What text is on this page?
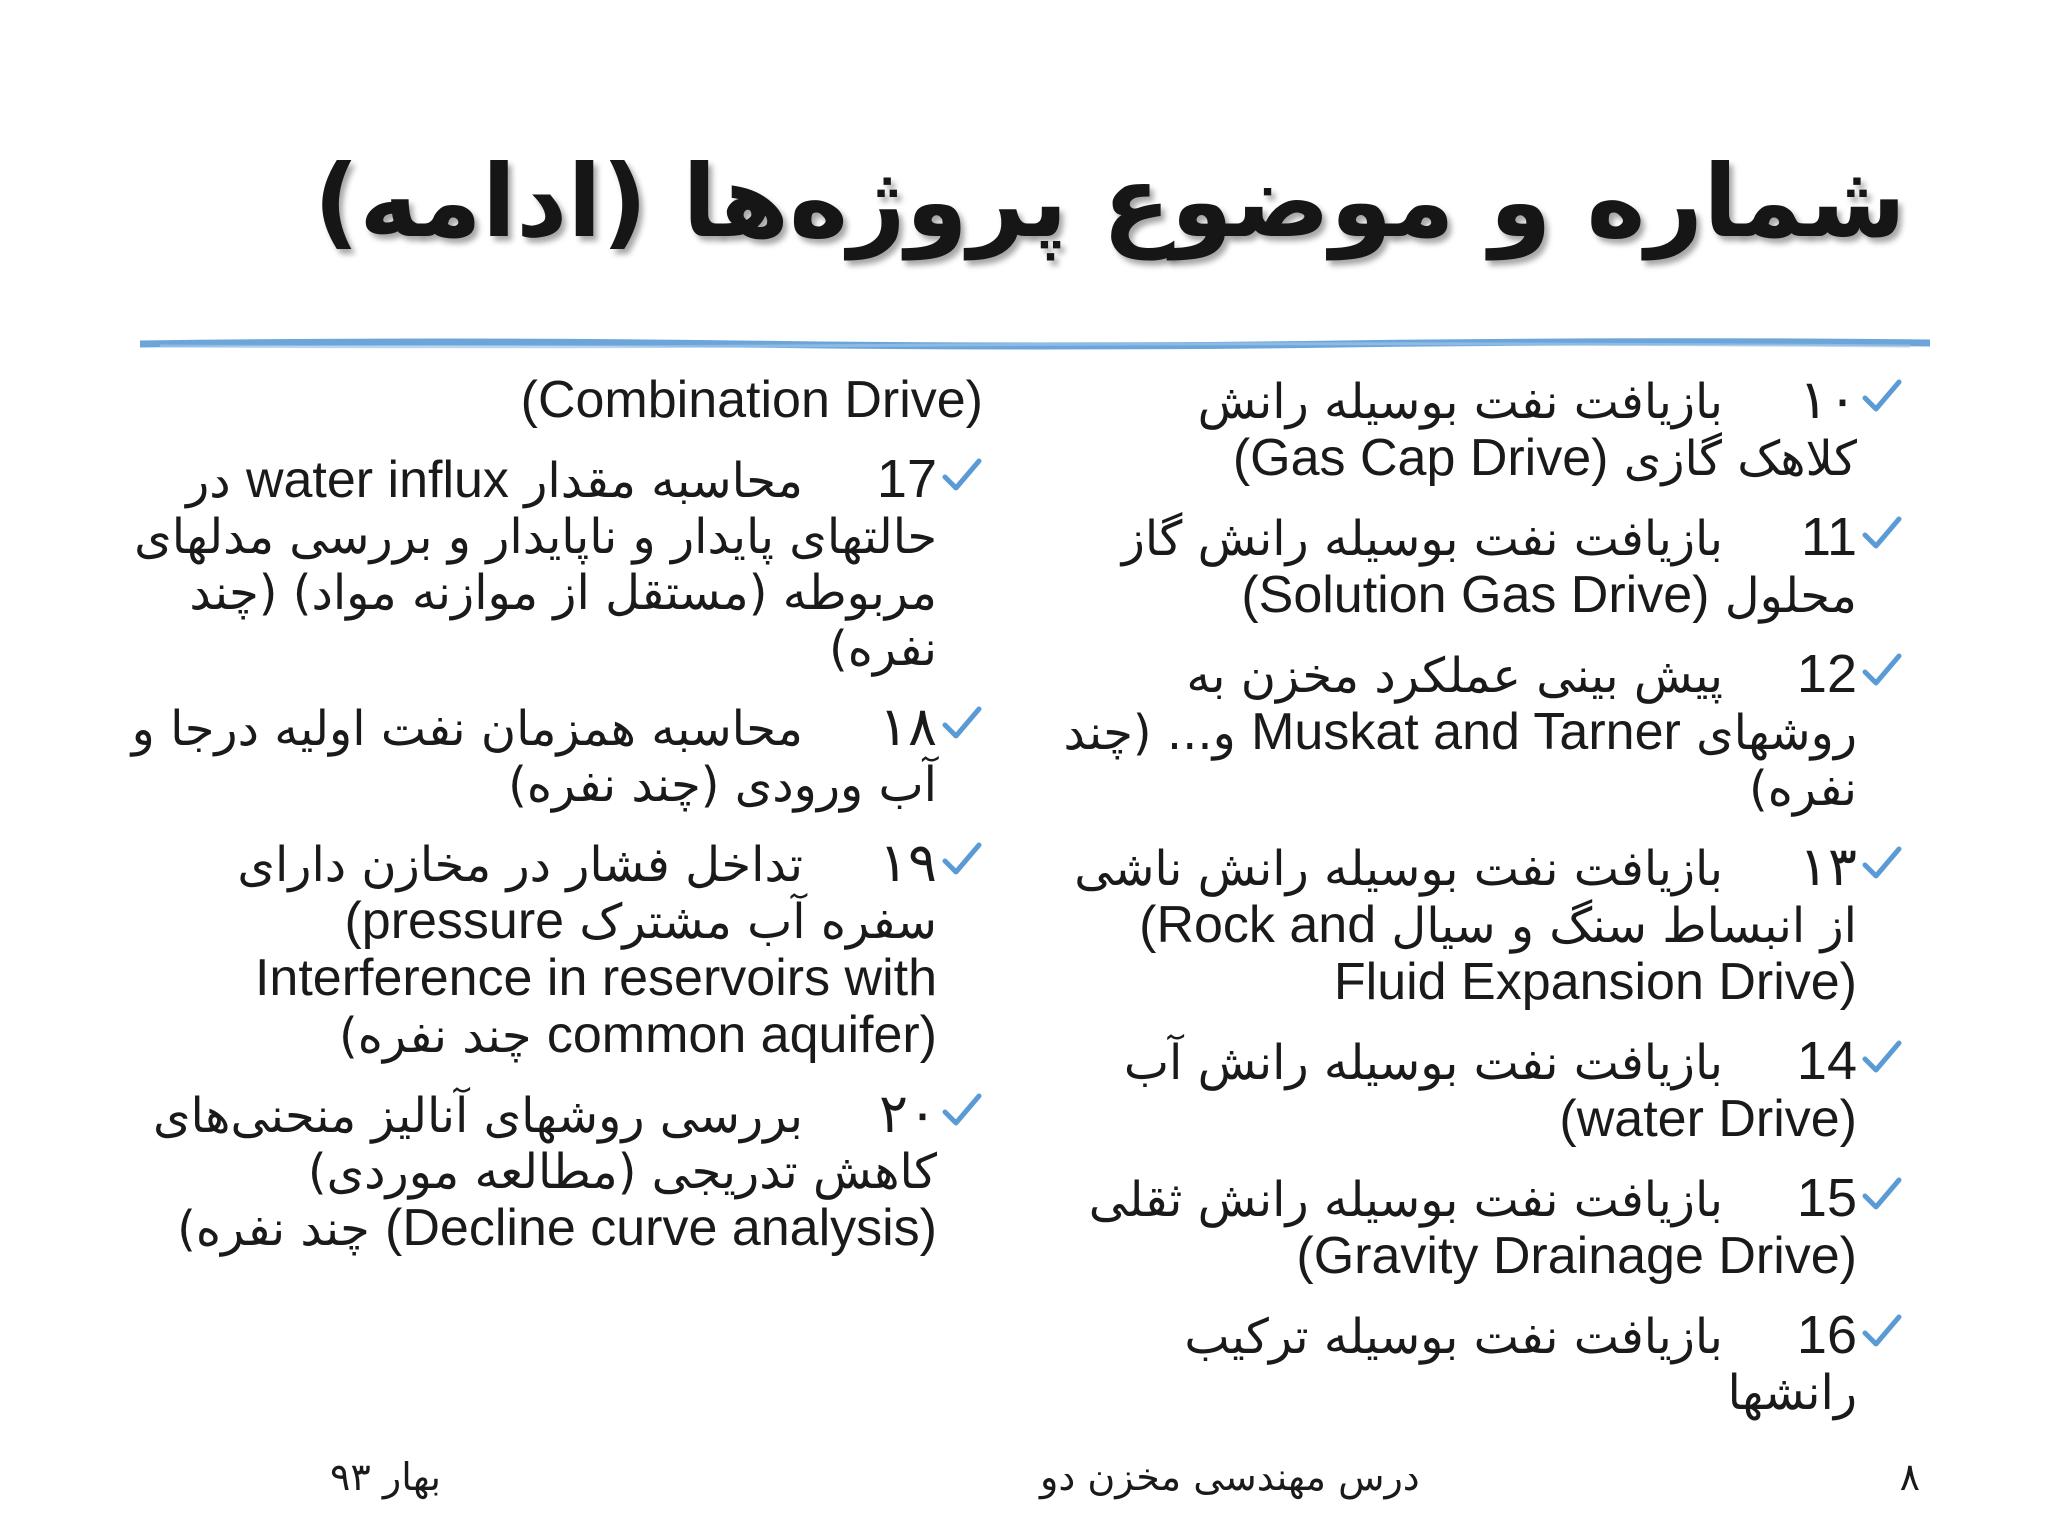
شماره و موضوع پروژه‌ها (ادامه)
۱۰بازیافت نفت بوسیله رانش کلاهک گازی (Gas Cap Drive)
11بازیافت نفت بوسیله رانش گاز محلول (Solution Gas Drive)
12پیش بینی عملکرد مخزن به روشهای Muskat and Tarner و... (چند نفره)
۱۳بازیافت نفت بوسیله رانش ناشی از انبساط سنگ و سیال (Rock and Fluid Expansion Drive)
14بازیافت نفت بوسیله رانش آب (water Drive)
15بازیافت نفت بوسیله رانش ثقلی (Gravity Drainage Drive)
16بازیافت نفت بوسیله ترکیب رانشها
(Combination Drive)
17محاسبه مقدار water influx در حالتهای پایدار و ناپایدار و بررسی مدلهای مربوطه (مستقل از موازنه مواد) (چند نفره)
۱۸محاسبه همزمان نفت اولیه درجا و آب ورودی (چند نفره)
۱۹تداخل فشار در مخازن دارای سفره آب مشترک (pressure Interference in reservoirs with common aquifer) چند نفره)
۲۰بررسی روشهای آنالیز منحنی‌های کاهش تدریجی (مطالعه موردی) (Decline curve analysis) چند نفره)
۸
درس مهندسی مخزن دو
بهار ۹۳
